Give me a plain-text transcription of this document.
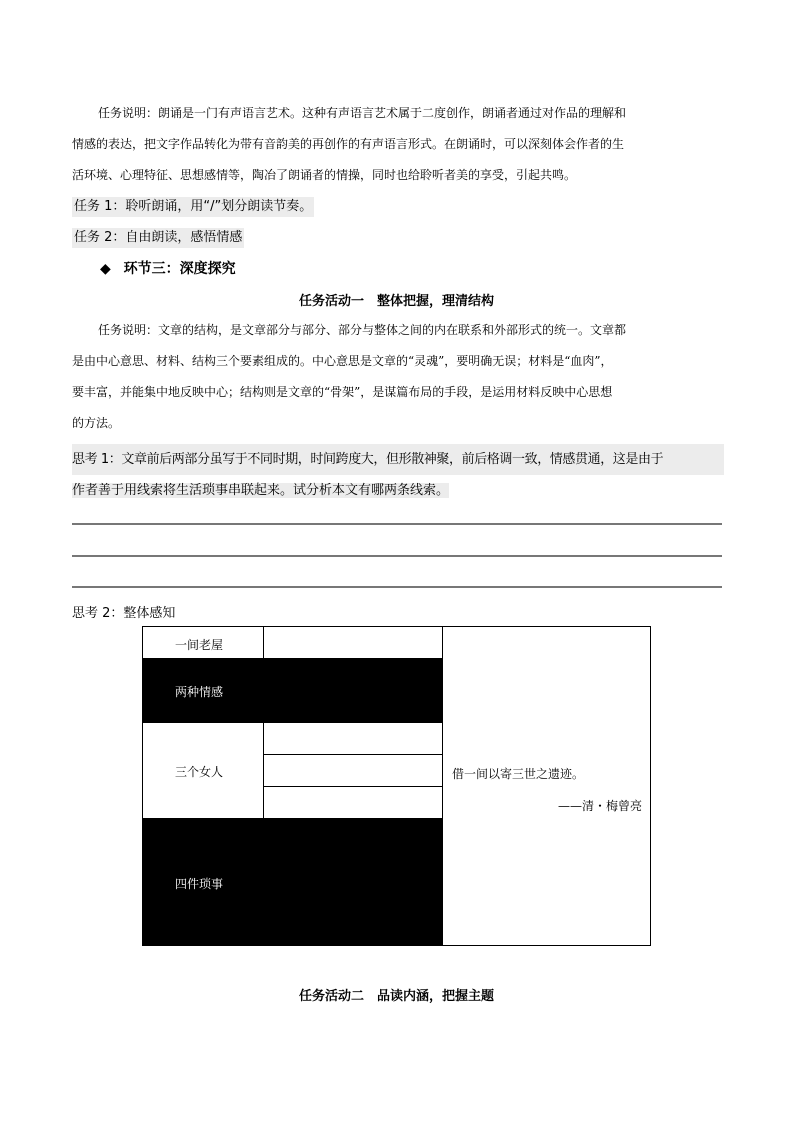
任务说明：朗诵是一门有声语言艺术。这种有声语言艺术属于二度创作，朗诵者通过对作品的理解和
情感的表达，把文字作品转化为带有音韵美的再创作的有声语言形式。在朗诵时，可以深刻体会作者的生
活环境、心理特征、思想感情等，陶冶了朗诵者的情操，同时也给聆听者美的享受，引起共鸣。
任务 1：聆听朗诵，用“/”划分朗读节奏。
任务 2：自由朗读，感悟情感
◆ 环节三：深度探究
任务活动一　整体把握，理清结构
任务说明：文章的结构，是文章部分与部分、部分与整体之间的内在联系和外部形式的统一。文章都
是由中心意思、材料、结构三个要素组成的。中心意思是文章的“灵魂”，要明确无误；材料是“血肉”，
要丰富，并能集中地反映中心；结构则是文章的“骨架”，是谋篇布局的手段，是运用材料反映中心思想
的方法。
思考 1：文章前后两部分虽写于不同时期，时间跨度大，但形散神聚，前后格调一致，情感贯通，这是由于
作者善于用线索将生活琐事串联起来。试分析本文有哪两条线索。
思考 2：整体感知
一间老屋
两种情感
三个女人
四件琐事
借一间以寄三世之遗迹。
——清・梅曾亮
任务活动二　品读内涵，把握主题
